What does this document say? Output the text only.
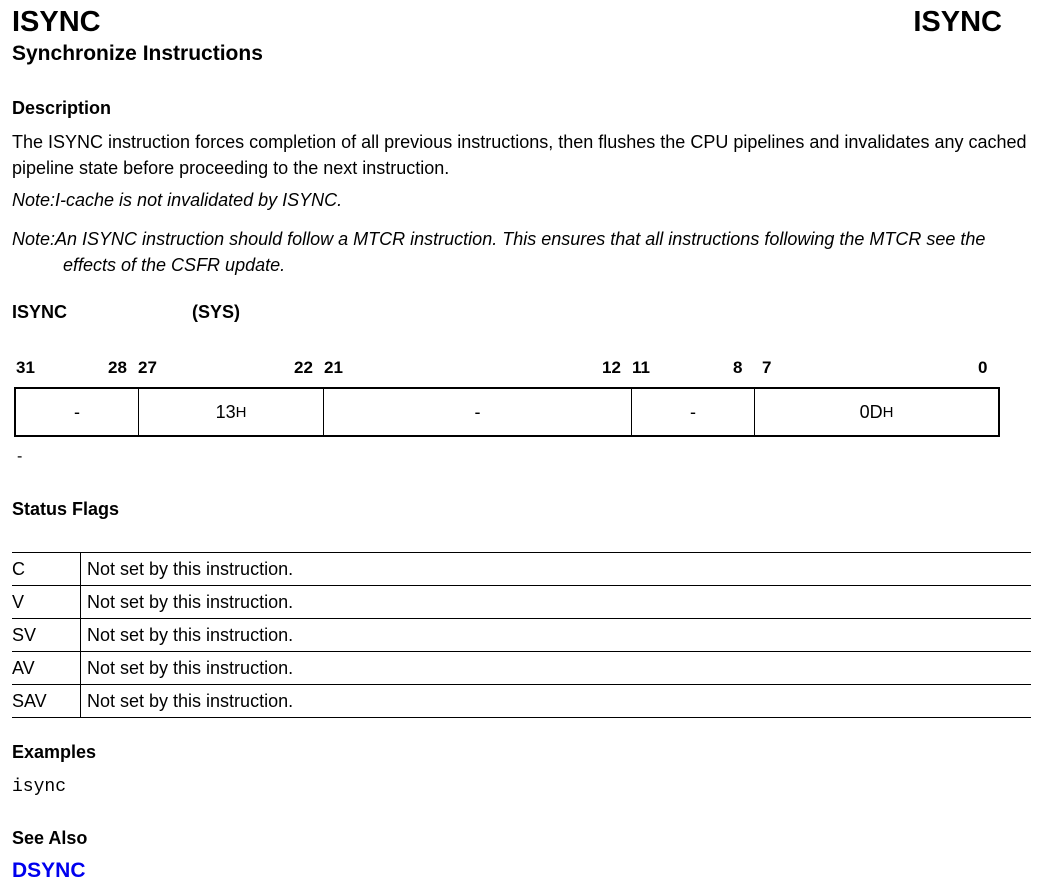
ISYNC	ISYNC
Synchronize Instructions
Description
The ISYNC instruction forces completion of all previous instructions, then flushes the CPU pipelines and invalidates any cached pipeline state before proceeding to the next instruction.
Note:I-cache is not invalidated by ISYNC.
Note:An ISYNC instruction should follow a MTCR instruction. This ensures that all instructions following the MTCR see the effects of the CSFR update.
ISYNC	(SYS)
31	28 27	22 21	12 11	8 7	0
-	13 H	-	-	0D H
-
Status Flags
C	Not set by this instruction.
V	Not set by this instruction.
SV	Not set by this instruction.
AV	Not set by this instruction.
SAV	Not set by this instruction.
Examples
isync
See Also
DSYNC
